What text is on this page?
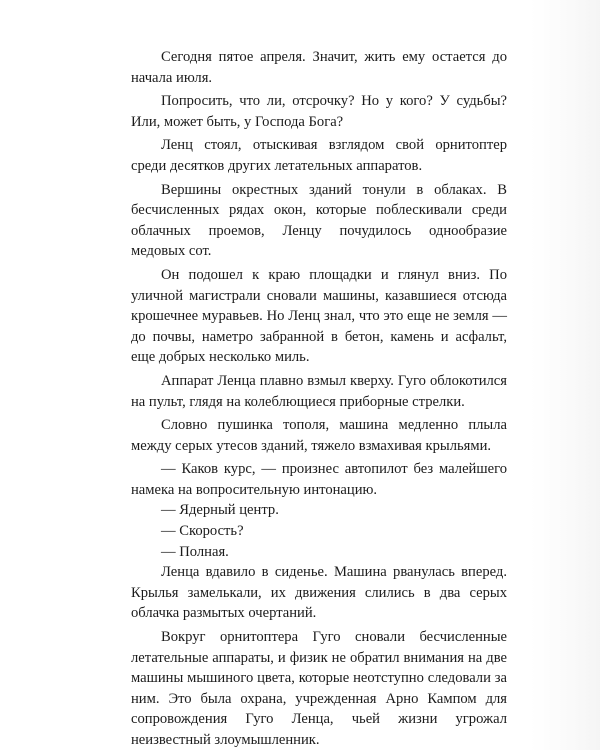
Сегодня пятое апреля. Значит, жить ему остается до начала июля.

Попросить, что ли, отсрочку? Но у кого? У судьбы? Или, может быть, у Господа Бога?

Ленц стоял, отыскивая взглядом свой орнитоптер среди десятков других летательных аппаратов.

Вершины окрестных зданий тонули в облаках. В бесчисленных рядах окон, которые поблескивали среди облачных проемов, Ленцу почудилось однообразие медовых сот.

Он подошел к краю площадки и глянул вниз. По уличной магистрали сновали машины, казавшиеся отсюда крошечнее муравьев. Но Ленц знал, что это еще не земля — до почвы, наметро забранной в бетон, камень и асфальт, еще добрых несколько миль.

Аппарат Ленца плавно взмыл кверху. Гуго облокотился на пульт, глядя на колеблющиеся приборные стрелки.

Словно пушинка тополя, машина медленно плыла между серых утесов зданий, тяжело взмахивая крыльями.

— Каков курс, — произнес автопилот без малейшего намека на вопросительную интонацию.

— Ядерный центр.

— Скорость?

— Полная.

Ленца вдавило в сиденье. Машина рванулась вперед. Крылья замелькали, их движения слились в два серых облачка размытых очертаний.

Вокруг орнитоптера Гуго сновали бесчисленные летательные аппараты, и физик не обратил внимания на две машины мышиного цвета, которые неотступно следовали за ним. Это была охрана, учрежденная Арно Кампом для сопровождения Гуго Ленца, чьей жизни угрожал неизвестный злоумышленник.
